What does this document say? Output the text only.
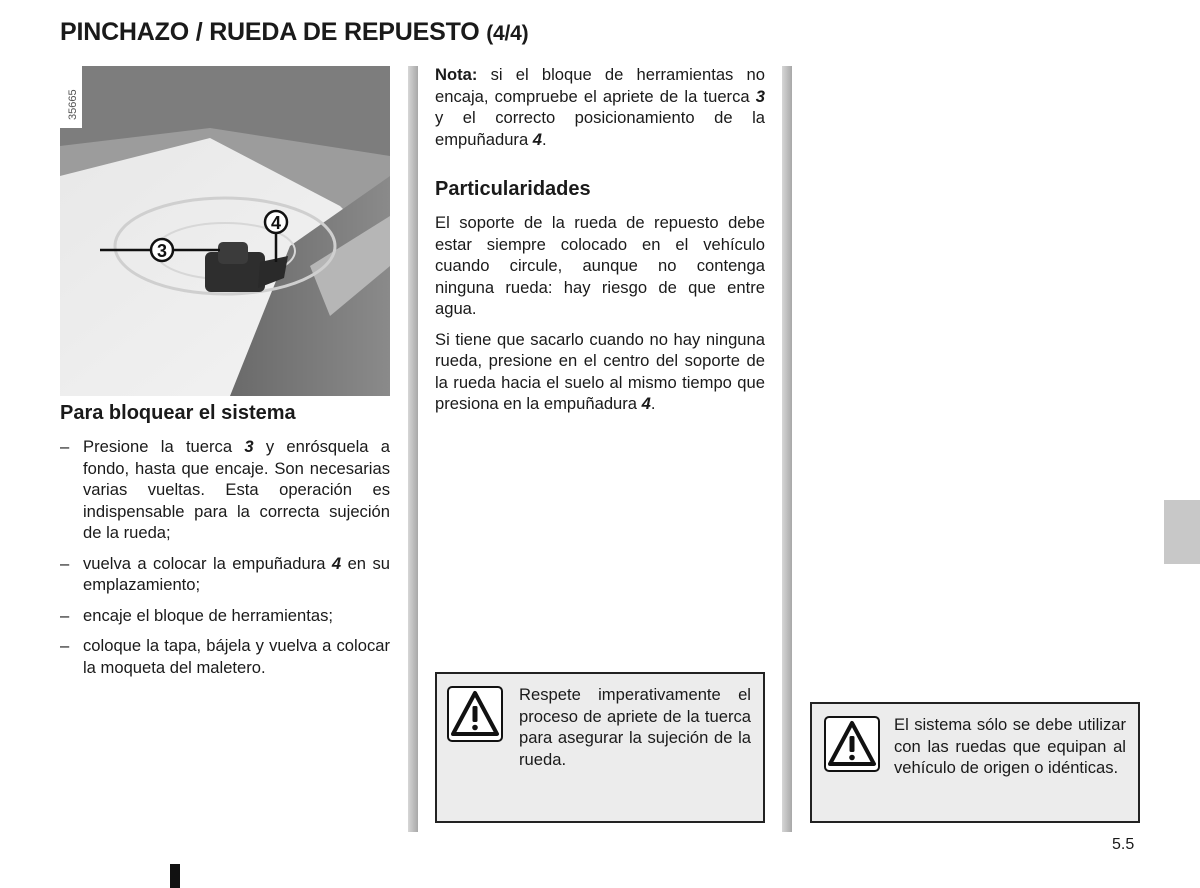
PINCHAZO / RUEDA DE REPUESTO (4/4)
3
4
35665
Para bloquear el sistema
– Presione la tuerca 3 y enrósquela a fondo, hasta que encaje. Son necesarias varias vueltas. Esta operación es indispensable para la correcta sujeción de la rueda;
– vuelva a colocar la empuñadura 4 en su emplazamiento;
– encaje el bloque de herramientas;
– coloque la tapa, bájela y vuelva a colocar la moqueta del maletero.

Nota: si el bloque de herramientas no encaja, compruebe el apriete de la tuerca 3 y el correcto posicionamiento de la empuñadura 4.

Particularidades

El soporte de la rueda de repuesto debe estar siempre colocado en el vehículo cuando circule, aunque no contenga ninguna rueda: hay riesgo de que entre agua.

Si tiene que sacarlo cuando no hay ninguna rueda, presione en el centro del soporte de la rueda hacia el suelo al mismo tiempo que presiona en la empuñadura 4.

Respete imperativamente el proceso de apriete de la tuerca para asegurar la sujeción de la rueda.
El sistema sólo se debe utilizar con las ruedas que equipan al vehículo de origen o idénticas.
5.5
